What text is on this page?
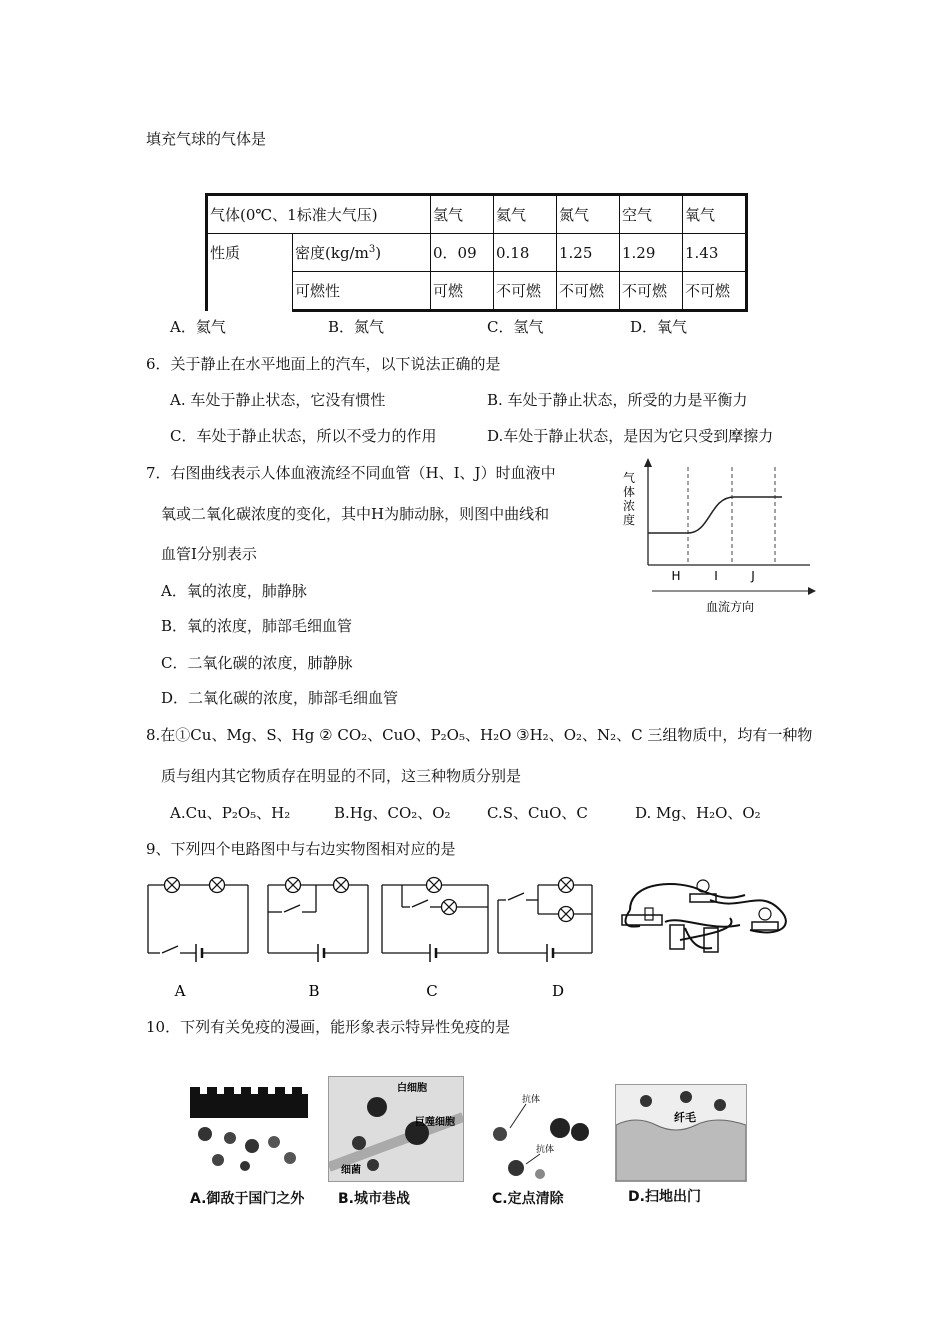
填充气球的气体是
气体(0℃、1标准大气压)		氢气	氦气	氮气	空气	氧气
性质	密度$(kg/m^3)$	0．09	0.18	1.25	1.29	1.43
	可燃性	可燃	不可燃	不可燃	不可燃	不可燃
A．氦气	B．氮气	C．氢气	D．氧气
6．关于静止在水平地面上的汽车，以下说法正确的是
A. 车处于静止状态，它没有惯性	B. 车处于静止状态，所受的力是平衡力
C．车处于静止状态，所以不受力的作用	D.车处于静止状态，是因为它只受到摩擦力
7．右图曲线表示人体血液流经不同血管（H、I、J）时血液中
氧或二氧化碳浓度的变化，其中H为肺动脉，则图中曲线和
血管Ⅰ分别表示
A．氧的浓度，肺静脉
B．氧的浓度，肺部毛细血管
C．二氧化碳的浓度，肺静脉
D．二氧化碳的浓度，肺部毛细血管
气
体
浓
度
H	I	J
血流方向
8.在①Cu、Mg、S、Hg ② CO₂、CuO、P₂O₅、H₂O ③H₂、O₂、N₂、C 三组物质中，均有一种物
质与组内其它物质存在明显的不同，这三种物质分别是
A.Cu、P₂O₅、H₂	B.Hg、CO₂、O₂ C.S、CuO、C	D. Mg、H₂O、O₂
9、下列四个电路图中与右边实物图相对应的是
A	B	C	D
10．下列有关免疫的漫画，能形象表示特异性免疫的是
白细胞
巨噬细胞
细菌
抗体
抗体
纤毛
A.御敌于国门之外 B.城市巷战	C.定点清除	D.扫地出门
